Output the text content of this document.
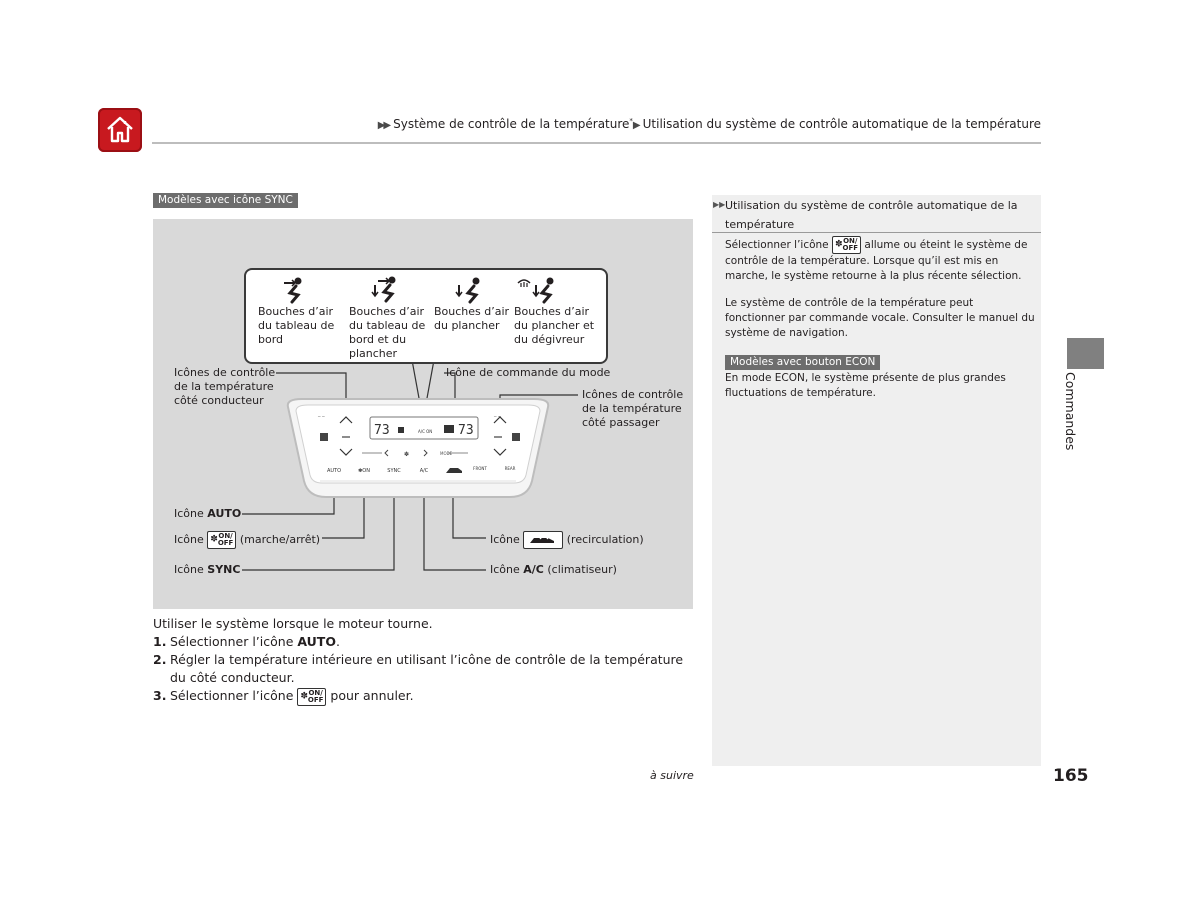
▶▶ Système de contrôle de la température*▶ Utilisation du système de contrôle automatique de la température
Modèles avec icône SYNC
Bouches d’air du tableau de bord
Bouches d’air du tableau de bord et du plancher
Bouches d’air du plancher
Bouches d’air du plancher et du dégivreur
Icônes de contrôle de la température côté conducteur
Icône de commande du mode
Icônes de contrôle de la température côté passager
Icône AUTO
Icône ✽ON/
OFF (marche/arrêt)
Icône SYNC
Icône	(recirculation)
Icône A/C (climatiseur)
_ _	_ _
✽	MODE
73	73
A/C ON
AUTO	✽ON	SYNC	A/C	FRONT	REAR

Utiliser le système lorsque le moteur tourne.

1. Sélectionner l’icône AUTO.
2. Régler la température intérieure en utilisant l’icône de contrôle de la température du côté conducteur.
3. Sélectionner l’icône ✽ON/
OFF pour annuler.
▶▶ Utilisation du système de contrôle automatique de la température

Sélectionner l’icône ✽ON/
OFF allume ou éteint le système de contrôle de la température. Lorsque qu’il est mis en marche, le système retourne à la plus récente sélection.

Le système de contrôle de la température peut fonctionner par commande vocale. Consulter le manuel du système de navigation.
Modèles avec bouton ECON
En mode ECON, le système présente de plus grandes fluctuations de température.	Commandes
à suivre	165
